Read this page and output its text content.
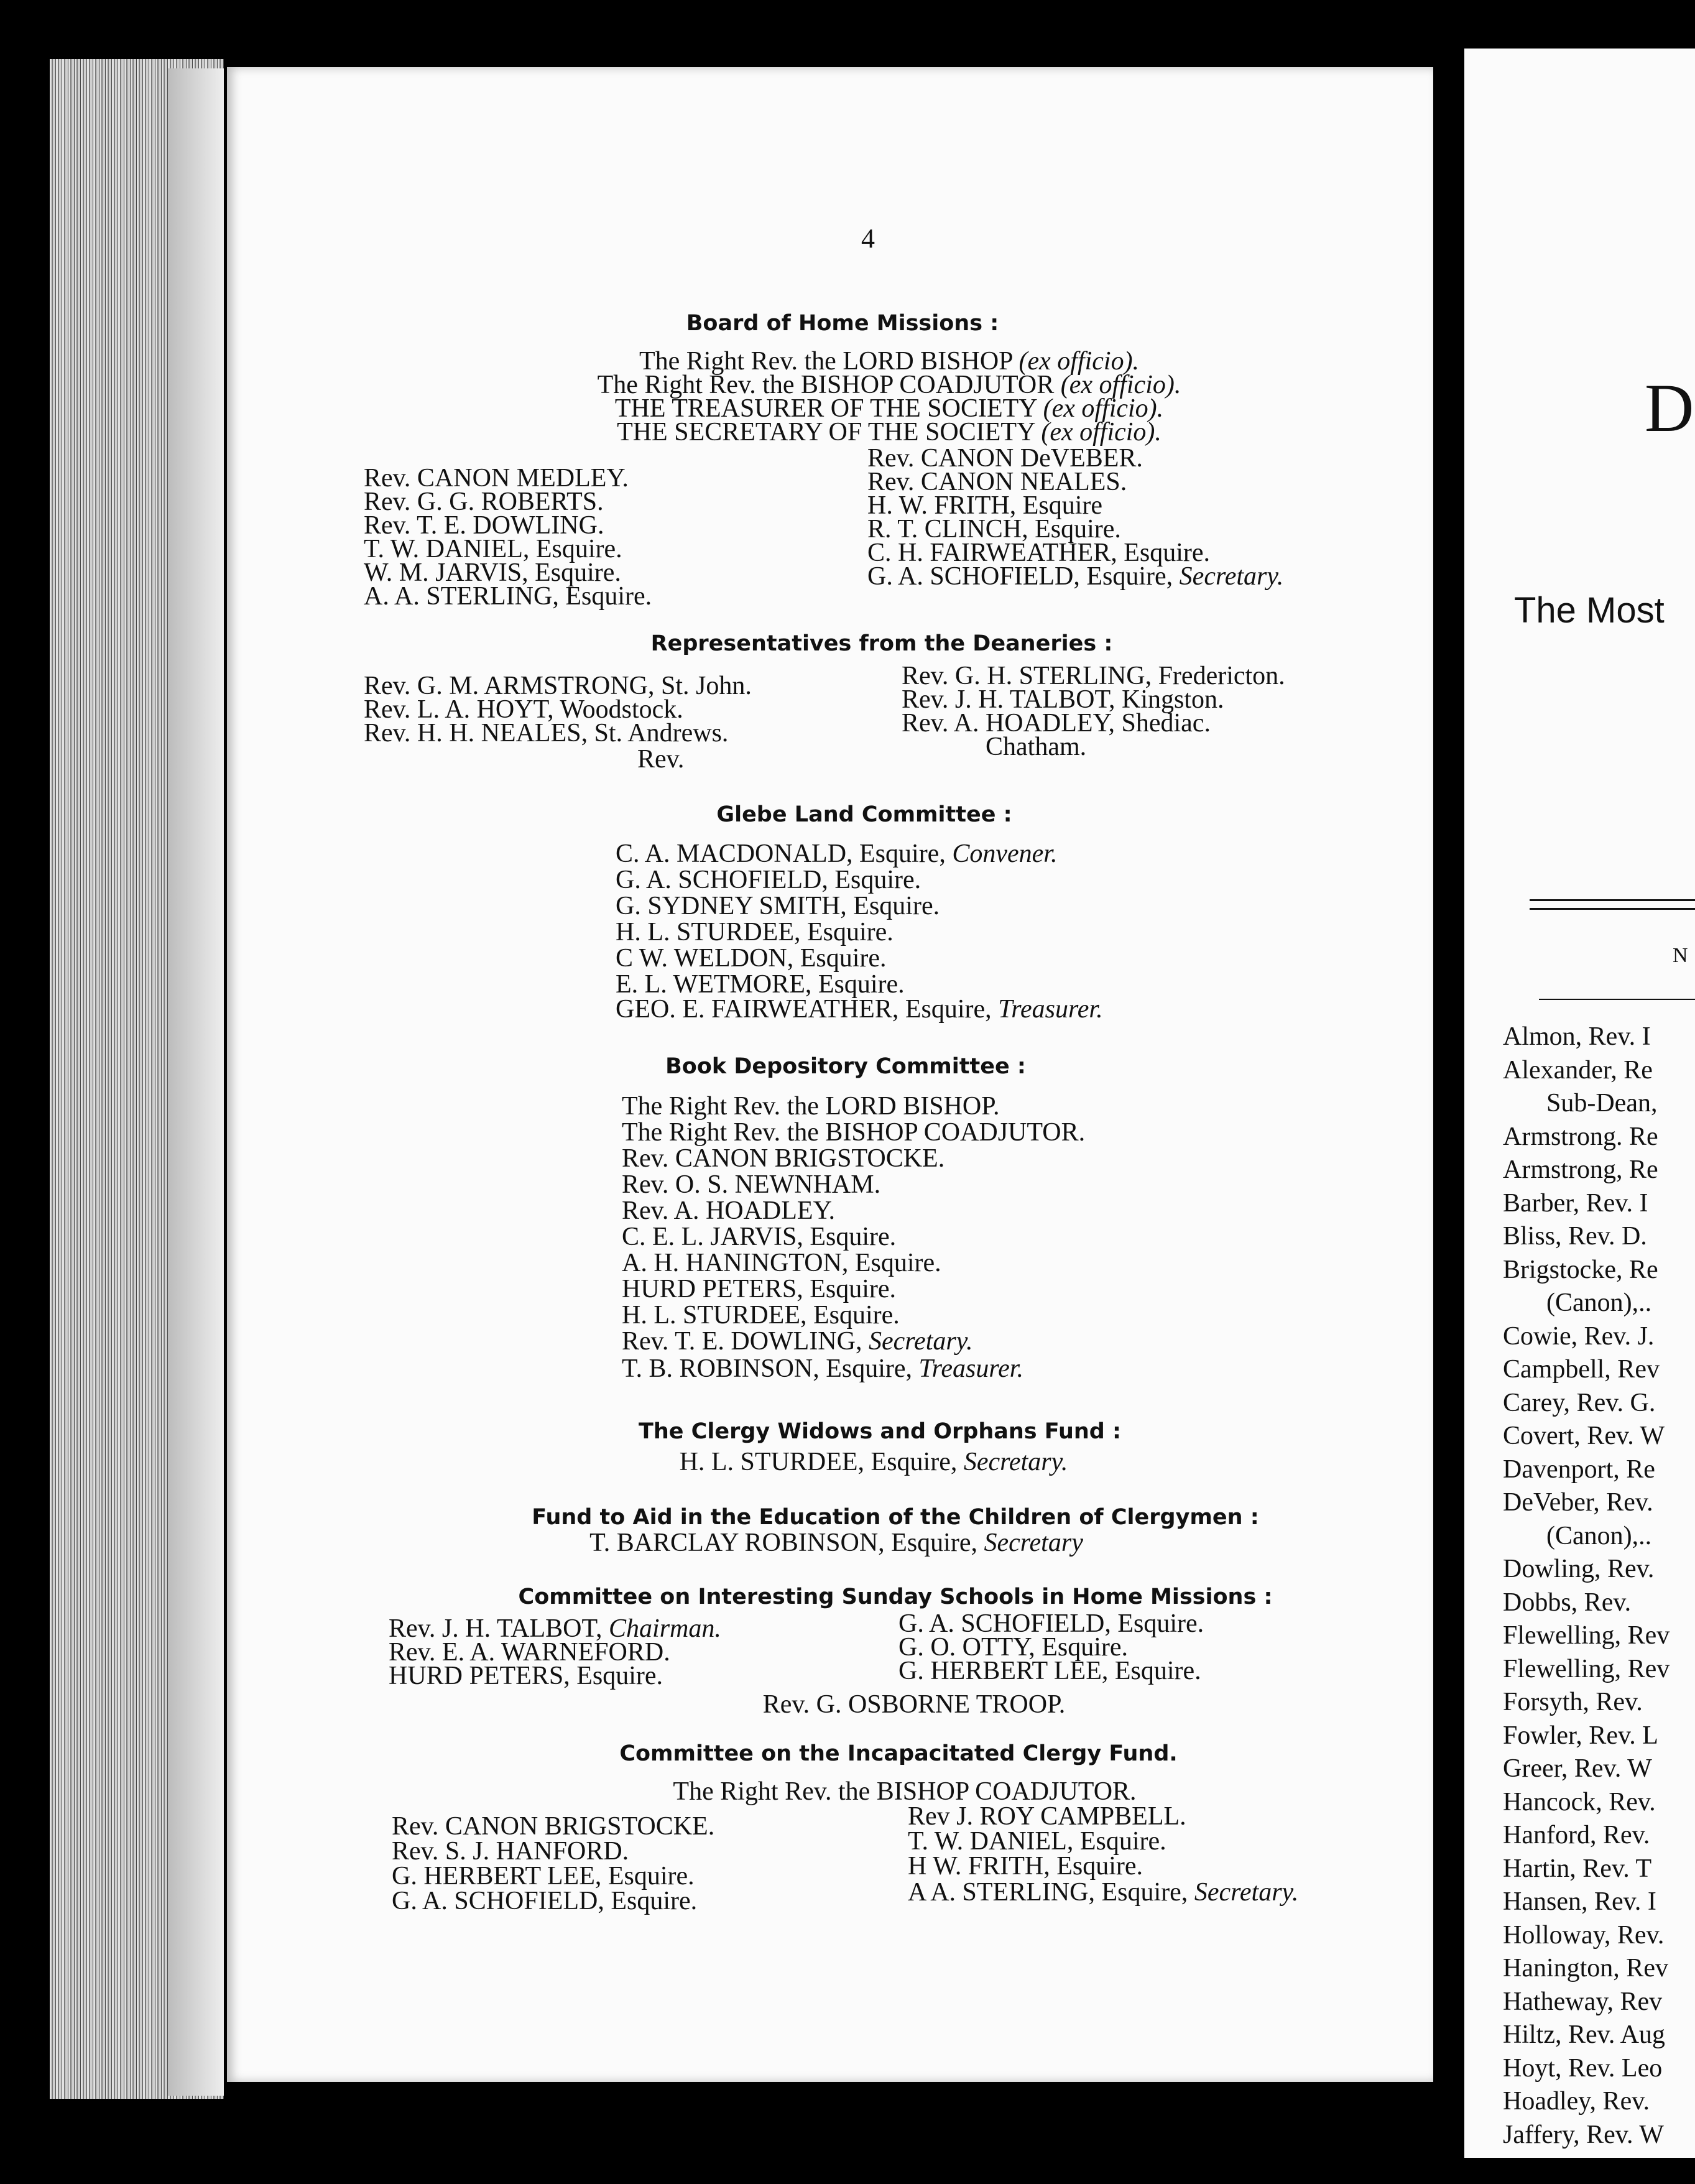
4
Board of Home Missions :
The Right Rev. the LORD BISHOP (ex officio).
The Right Rev. the BISHOP COADJUTOR (ex officio).
THE TREASURER OF THE SOCIETY (ex officio).
THE SECRETARY OF THE SOCIETY (ex officio).
Rev. CANON MEDLEY.
Rev. G. G. ROBERTS.
Rev. T. E. DOWLING.
T. W. DANIEL, Esquire.
W. M. JARVIS, Esquire.
A. A. STERLING, Esquire.
Rev. CANON DeVEBER.
Rev. CANON NEALES.
H. W. FRITH, Esquire
R. T. CLINCH, Esquire.
C. H. FAIRWEATHER, Esquire.
G. A. SCHOFIELD, Esquire, Secretary.
Representatives from the Deaneries :
Rev. G. M. ARMSTRONG, St. John.
Rev. L. A. HOYT, Woodstock.
Rev. H. H. NEALES, St. Andrews.
Rev. G. H. STERLING, Fredericton.
Rev. J. H. TALBOT, Kingston.
Rev. A. HOADLEY, Shediac.
Rev.	Chatham.
Glebe Land Committee :
C. A. MACDONALD, Esquire, Convener.
G. A. SCHOFIELD, Esquire.
G. SYDNEY SMITH, Esquire.
H. L. STURDEE, Esquire.
C W. WELDON, Esquire.
E. L. WETMORE, Esquire.
GEO. E. FAIRWEATHER, Esquire, Treasurer.
Book Depository Committee :
The Right Rev. the LORD BISHOP.
The Right Rev. the BISHOP COADJUTOR.
Rev. CANON BRIGSTOCKE.
Rev. O. S. NEWNHAM.
Rev. A. HOADLEY.
C. E. L. JARVIS, Esquire.
A. H. HANINGTON, Esquire.
HURD PETERS, Esquire.
H. L. STURDEE, Esquire.
Rev. T. E. DOWLING, Secretary.
T. B. ROBINSON, Esquire, Treasurer.
The Clergy Widows and Orphans Fund :
H. L. STURDEE, Esquire, Secretary.
Fund to Aid in the Education of the Children of Clergymen :
T. BARCLAY ROBINSON, Esquire, Secretary
Committee on Interesting Sunday Schools in Home Missions :
Rev. J. H. TALBOT, Chairman.
Rev. E. A. WARNEFORD.
HURD PETERS, Esquire.
G. A. SCHOFIELD, Esquire.
G. O. OTTY, Esquire.
G. HERBERT LEE, Esquire.
Rev. G. OSBORNE TROOP.
Committee on the Incapacitated Clergy Fund.
The Right Rev. the BISHOP COADJUTOR.
Rev. CANON BRIGSTOCKE.
Rev. S. J. HANFORD.
G. HERBERT LEE, Esquire.
G. A. SCHOFIELD, Esquire.
Rev J. ROY CAMPBELL.
T. W. DANIEL, Esquire.
H W. FRITH, Esquire.
A A. STERLING, Esquire, Secretary.
D
The Most
N
Almon, Rev. I
Alexander, Re
Sub-Dean,
Armstrong. Re
Armstrong, Re
Barber, Rev. I
Bliss, Rev. D.
Brigstocke, Re
(Canon),..
Cowie, Rev. J.
Campbell, Rev
Carey, Rev. G.
Covert, Rev. W
Davenport, Re
DeVeber, Rev.
(Canon),..
Dowling, Rev.
Dobbs, Rev.
Flewelling, Rev
Flewelling, Rev
Forsyth, Rev.
Fowler, Rev. L
Greer, Rev. W
Hancock, Rev.
Hanford, Rev.
Hartin, Rev. T
Hansen, Rev. I
Holloway, Rev.
Hanington, Rev
Hatheway, Rev
Hiltz, Rev. Aug
Hoyt, Rev. Leo
Hoadley, Rev.
Jaffery, Rev. W
